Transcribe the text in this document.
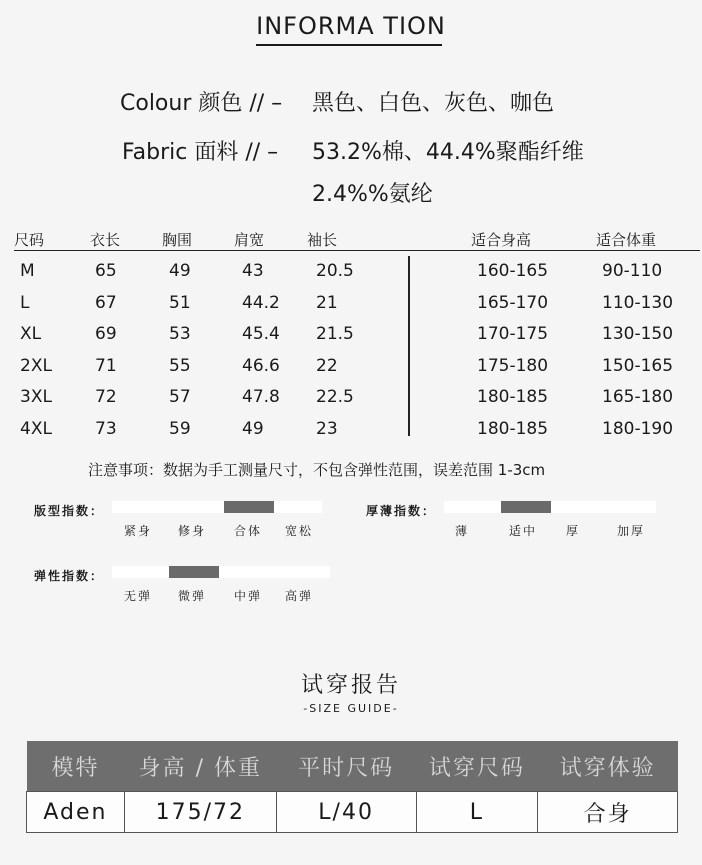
INFORMA TION
Colour 颜色 // – 黑色、白色、灰色、咖色
Fabric 面料 // – 53.2%棉、44.4%聚酯纤维
2.4%%氨纶
尺码	衣长	胸围	肩宽	袖长	适合身高	适合体重
M	65	49	43	20.5	160-165	90-110
L	67	51	44.2 21	165-170	110-130
XL	69	53	45.4 21.5	170-175	130-150
2XL	71	55	46.6 22	175-180	150-165
3XL	72	57	47.8 22.5	180-185	165-180
4XL	73	59	49	23	180-185	180-190
注意事项：数据为手工测量尺寸，不包含弹性范围，误差范围 1-3cm
版型指数：
紧身 修身 合体 宽松
厚薄指数：
薄	适中 厚	加厚
弹性指数：
无弹 微弹 中弹 高弹
试穿报告
-SIZE GUIDE-
模特	身高 / 体重	平时尺码	试穿尺码	试穿体验
Aden	175/72	L/40	L	合身
